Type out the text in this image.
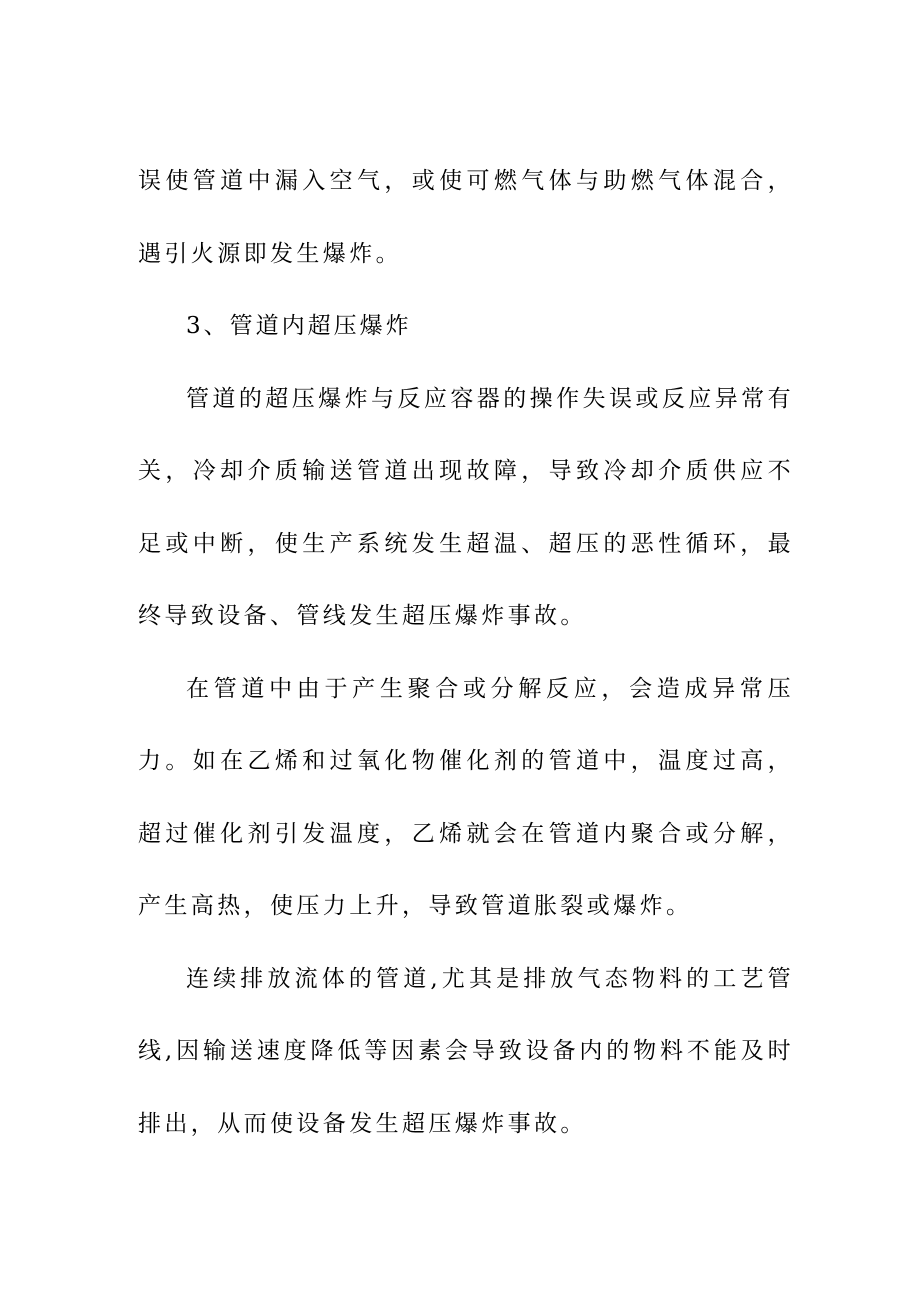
误使管道中漏入空气，或使可燃气体与助燃气体混合，遇引火源即发生爆炸。

3、管道内超压爆炸

管道的超压爆炸与反应容器的操作失误或反应异常有关，冷却介质输送管道出现故障，导致冷却介质供应不足或中断，使生产系统发生超温、超压的恶性循环，最终导致设备、管线发生超压爆炸事故。

在管道中由于产生聚合或分解反应，会造成异常压力。如在乙烯和过氧化物催化剂的管道中，温度过高，超过催化剂引发温度，乙烯就会在管道内聚合或分解，产生高热，使压力上升，导致管道胀裂或爆炸。

连续排放流体的管道,尤其是排放气态物料的工艺管线,因输送速度降低等因素会导致设备内的物料不能及时排出，从而使设备发生超压爆炸事故。
